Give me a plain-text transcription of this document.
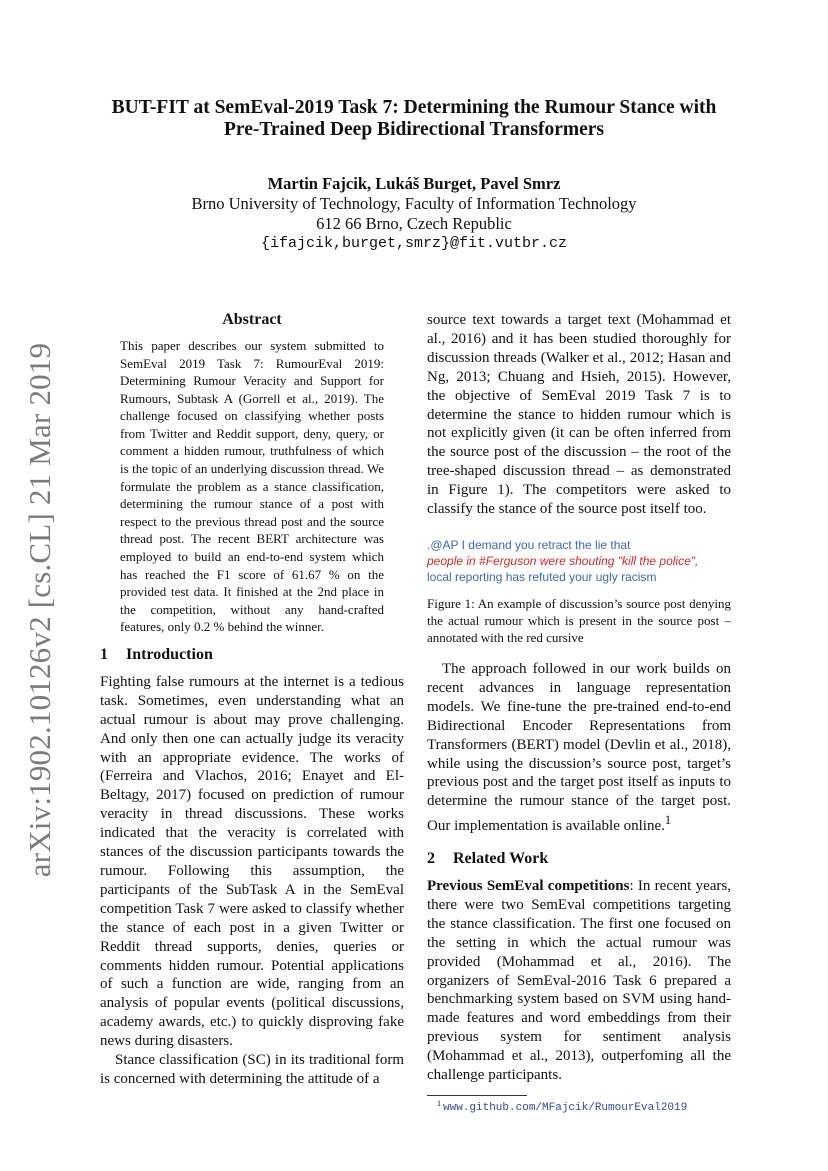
arXiv:1902.10126v2 [cs.CL] 21 Mar 2019
BUT-FIT at SemEval-2019 Task 7: Determining the Rumour Stance with
Pre-Trained Deep Bidirectional Transformers
Martin Fajcik, Lukáš Burget, Pavel Smrz
Brno University of Technology, Faculty of Information Technology
612 66 Brno, Czech Republic
{ifajcik,burget,smrz}@fit.vutbr.cz
Abstract

This paper describes our system submitted to SemEval 2019 Task 7: RumourEval 2019: Determining Rumour Veracity and Support for Rumours, Subtask A (Gorrell et al., 2019). The challenge focused on classifying whether posts from Twitter and Reddit support, deny, query, or comment a hidden rumour, truthfulness of which is the topic of an underlying discussion thread. We formulate the problem as a stance classification, determining the rumour stance of a post with respect to the previous thread post and the source thread post. The recent BERT architecture was employed to build an end-to-end system which has reached the F1 score of 61.67 % on the provided test data. It finished at the 2nd place in the competition, without any hand-crafted features, only 0.2 % behind the winner.

1 Introduction

Fighting false rumours at the internet is a tedious task. Sometimes, even understanding what an actual rumour is about may prove challenging. And only then one can actually judge its veracity with an appropriate evidence. The works of (Ferreira and Vlachos, 2016; Enayet and El-Beltagy, 2017) focused on prediction of rumour veracity in thread discussions. These works indicated that the veracity is correlated with stances of the discussion participants towards the rumour. Following this assumption, the participants of the SubTask A in the SemEval competition Task 7 were asked to classify whether the stance of each post in a given Twitter or Reddit thread supports, denies, queries or comments hidden rumour. Potential applications of such a function are wide, ranging from an analysis of popular events (political discussions, academy awards, etc.) to quickly disproving fake news during disasters.

Stance classification (SC) in its traditional form is concerned with determining the attitude of a

source text towards a target text (Mohammad et al., 2016) and it has been studied thoroughly for discussion threads (Walker et al., 2012; Hasan and Ng, 2013; Chuang and Hsieh, 2015). However, the objective of SemEval 2019 Task 7 is to determine the stance to hidden rumour which is not explicitly given (it can be often inferred from the source post of the discussion – the root of the tree-shaped discussion thread – as demonstrated in Figure 1). The competitors were asked to classify the stance of the source post itself too.

.@AP I demand you retract the lie that
people in #Ferguson were shouting "kill the police",
local reporting has refuted your ugly racism

Figure 1: An example of discussion’s source post denying the actual rumour which is present in the source post – annotated with the red cursive

The approach followed in our work builds on recent advances in language representation models. We fine-tune the pre-trained end-to-end Bidirectional Encoder Representations from Transformers (BERT) model (Devlin et al., 2018), while using the discussion’s source post, target’s previous post and the target post itself as inputs to determine the rumour stance of the target post. Our implementation is available online.$^1$

2 Related Work

Previous SemEval competitions: In recent years, there were two SemEval competitions targeting the stance classification. The first one focused on the setting in which the actual rumour was provided (Mohammad et al., 2016). The organizers of SemEval-2016 Task 6 prepared a benchmarking system based on SVM using hand-made features and word embeddings from their previous system for sentiment analysis (Mohammad et al., 2013), outperfoming all the challenge participants.

1 www.github.com/MFajcik/RumourEval2019
